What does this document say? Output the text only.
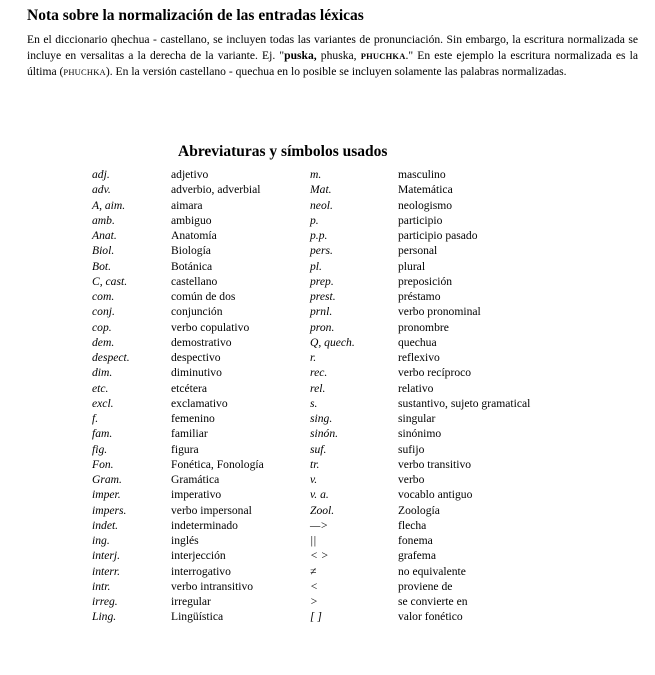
Nota sobre la normalización de las entradas léxicas

En el diccionario qhechua - castellano, se incluyen todas las variantes de pronunciación. Sin embargo, la escritura normalizada se incluye en versalitas a la derecha de la variante. Ej. "puska, phuska, PHUCHKA." En este ejemplo la escritura normalizada es la última (PHUCHKA). En la versión castellano - quechua en lo posible se incluyen solamente las palabras normalizadas.

Abreviaturas y símbolos usados
adj.	adjetivo	m.	masculino
adv.	adverbio, adverbial	Mat.	Matemática
A, aim.	aimara	neol.	neologismo
amb.	ambiguo	p.	participio
Anat.	Anatomía	p.p.	participio pasado
Biol.	Biología	pers.	personal
Bot.	Botánica	pl.	plural
C, cast.	castellano	prep.	preposición
com.	común de dos	prest.	préstamo
conj.	conjunción	prnl.	verbo pronominal
cop.	verbo copulativo	pron.	pronombre
dem.	demostrativo	Q, quech.	quechua
despect.	despectivo	r.	reflexivo
dim.	diminutivo	rec.	verbo recíproco
etc.	etcétera	rel.	relativo
excl.	exclamativo	s.	sustantivo, sujeto gramatical
f.	femenino	sing.	singular
fam.	familiar	sinón.	sinónimo
fig.	figura	suf.	sufijo
Fon.	Fonética, Fonología	tr.	verbo transitivo
Gram.	Gramática	v.	verbo
imper.	imperativo	v. a.	vocablo antiguo
impers.	verbo impersonal	Zool.	Zoología
indet.	indeterminado	—>	flecha
ing.	inglés	||	fonema
interj.	interjección	< >	grafema
interr.	interrogativo	≠	no equivalente
intr.	verbo intransitivo	<	proviene de
irreg.	irregular	>	se convierte en
Ling.	Lingüística	[ ]	valor fonético
